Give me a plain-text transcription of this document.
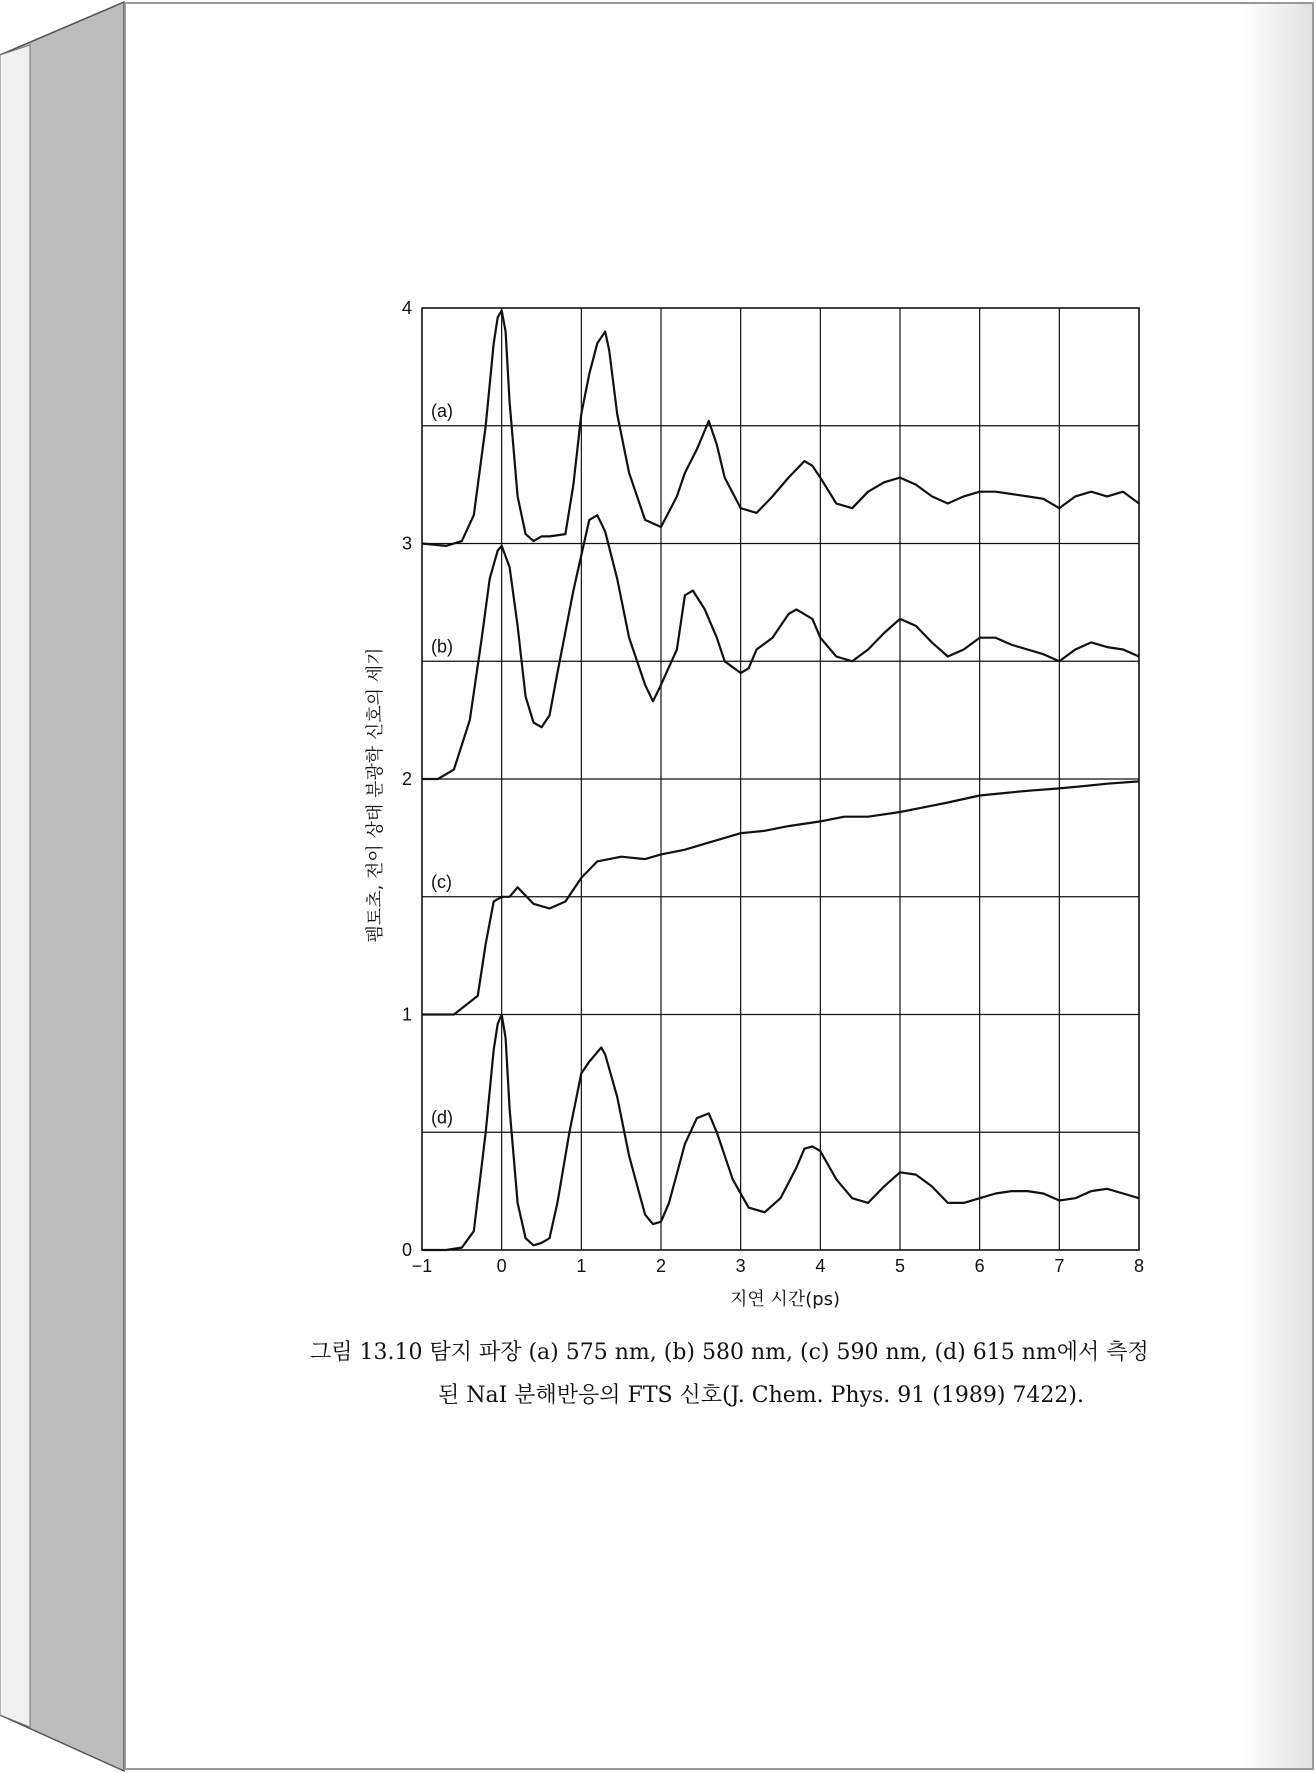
−1	0	1	2	3	4	5	6	7	8
0
1
2
3
4
(a)
(b)
(c)
(d)
지연 시간(ps)
펨토초, 전이 상태 분광학 신호의 세기
그림 13.10 탐지 파장 (a) 575 nm, (b) 580 nm, (c) 590 nm, (d) 615 nm에서 측정
된 NaI 분해반응의 FTS 신호(J. Chem. Phys. 91 (1989) 7422).
